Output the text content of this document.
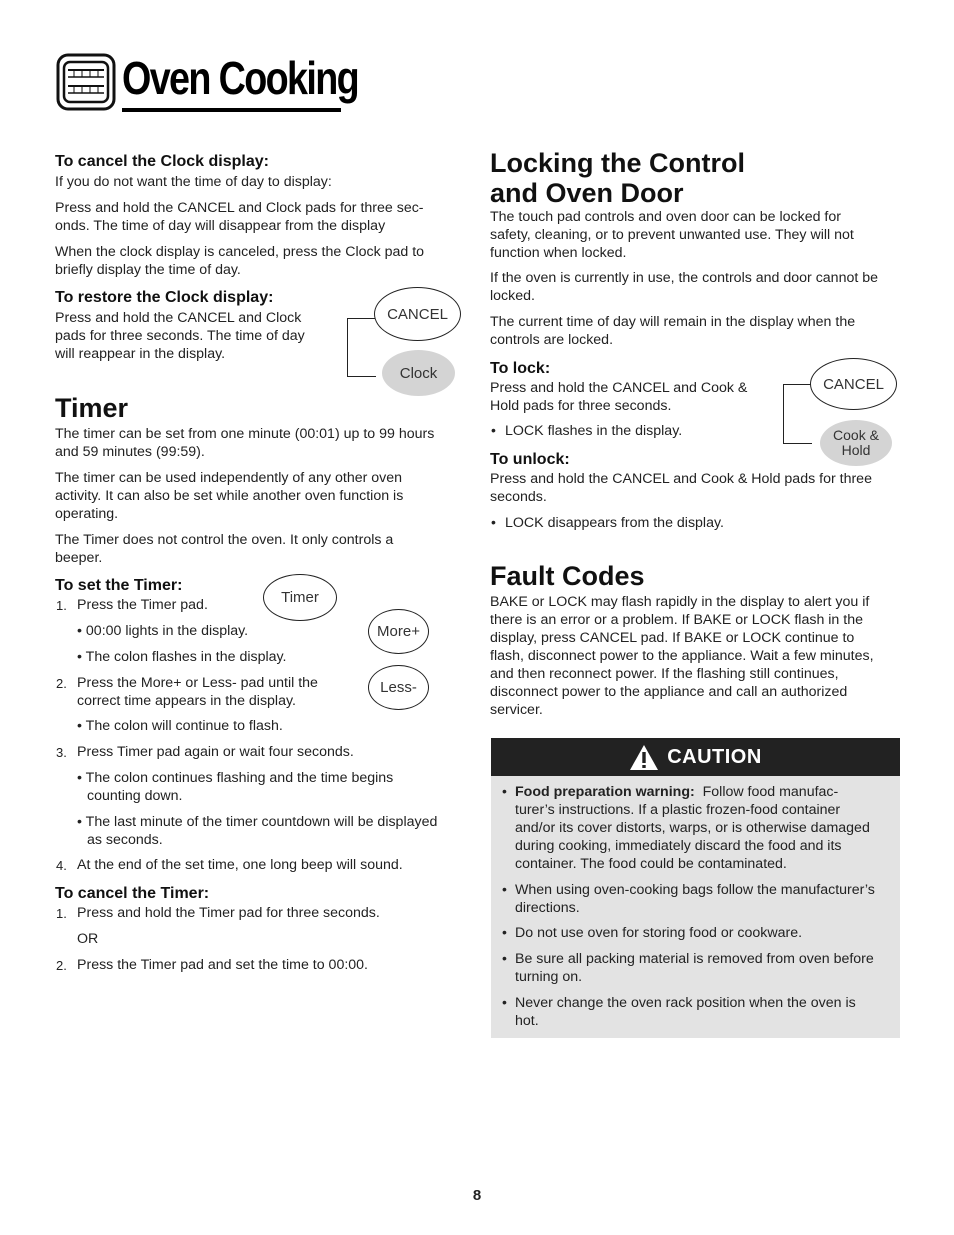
Oven Cooking
To cancel the Clock display:
If you do not want the time of day to display:
Press and hold the CANCEL and Clock pads for three sec-
onds. The time of day will disappear from the display
When the clock display is canceled, press the Clock pad to
briefly display the time of day.
To restore the Clock display:
Press and hold the CANCEL and Clock
pads for three seconds. The time of day
will reappear in the display.
CANCEL
Clock
Timer
The timer can be set from one minute (00:01) up to 99 hours
and 59 minutes (99:59).
The timer can be used independently of any other oven
activity. It can also be set while another oven function is
operating.
The Timer does not control the oven. It only controls a
beeper.
To set the Timer:
1. Press the Timer pad.
• 00:00 lights in the display.
• The colon flashes in the display.
2. Press the More+ or Less- pad until the
correct time appears in the display.
• The colon will continue to flash.
3. Press Timer pad again or wait four seconds.
• The colon continues flashing and the time begins
counting down.
• The last minute of the timer countdown will be displayed
as seconds.
4. At the end of the set time, one long beep will sound.
Timer
More+
Less-
To cancel the Timer:
1. Press and hold the Timer pad for three seconds.
OR
2. Press the Timer pad and set the time to 00:00.
Locking the Control
and Oven Door
The touch pad controls and oven door can be locked for
safety, cleaning, or to prevent unwanted use. They will not
function when locked.
If the oven is currently in use, the controls and door cannot be
locked.
The current time of day will remain in the display when the
controls are locked.
To lock:
Press and hold the CANCEL and Cook &
Hold pads for three seconds.
• LOCK flashes in the display.
CANCEL
Cook &
Hold
To unlock:
Press and hold the CANCEL and Cook & Hold pads for three
seconds.
• LOCK disappears from the display.
Fault Codes
BAKE or LOCK may flash rapidly in the display to alert you if
there is an error or a problem. If BAKE or LOCK flash in the
display, press CANCEL pad. If BAKE or LOCK continue to
flash, disconnect power to the appliance. Wait a few minutes,
and then reconnect power. If the flashing still continues,
disconnect power to the appliance and call an authorized
servicer.
CAUTION
• Food preparation warning: Follow food manufac-
turer’s instructions. If a plastic frozen-food container
and/or its cover distorts, warps, or is otherwise damaged
during cooking, immediately discard the food and its
container. The food could be contaminated.
• When using oven-cooking bags follow the manufacturer’s
directions.
• Do not use oven for storing food or cookware.
• Be sure all packing material is removed from oven before
turning on.
• Never change the oven rack position when the oven is
hot.
8
